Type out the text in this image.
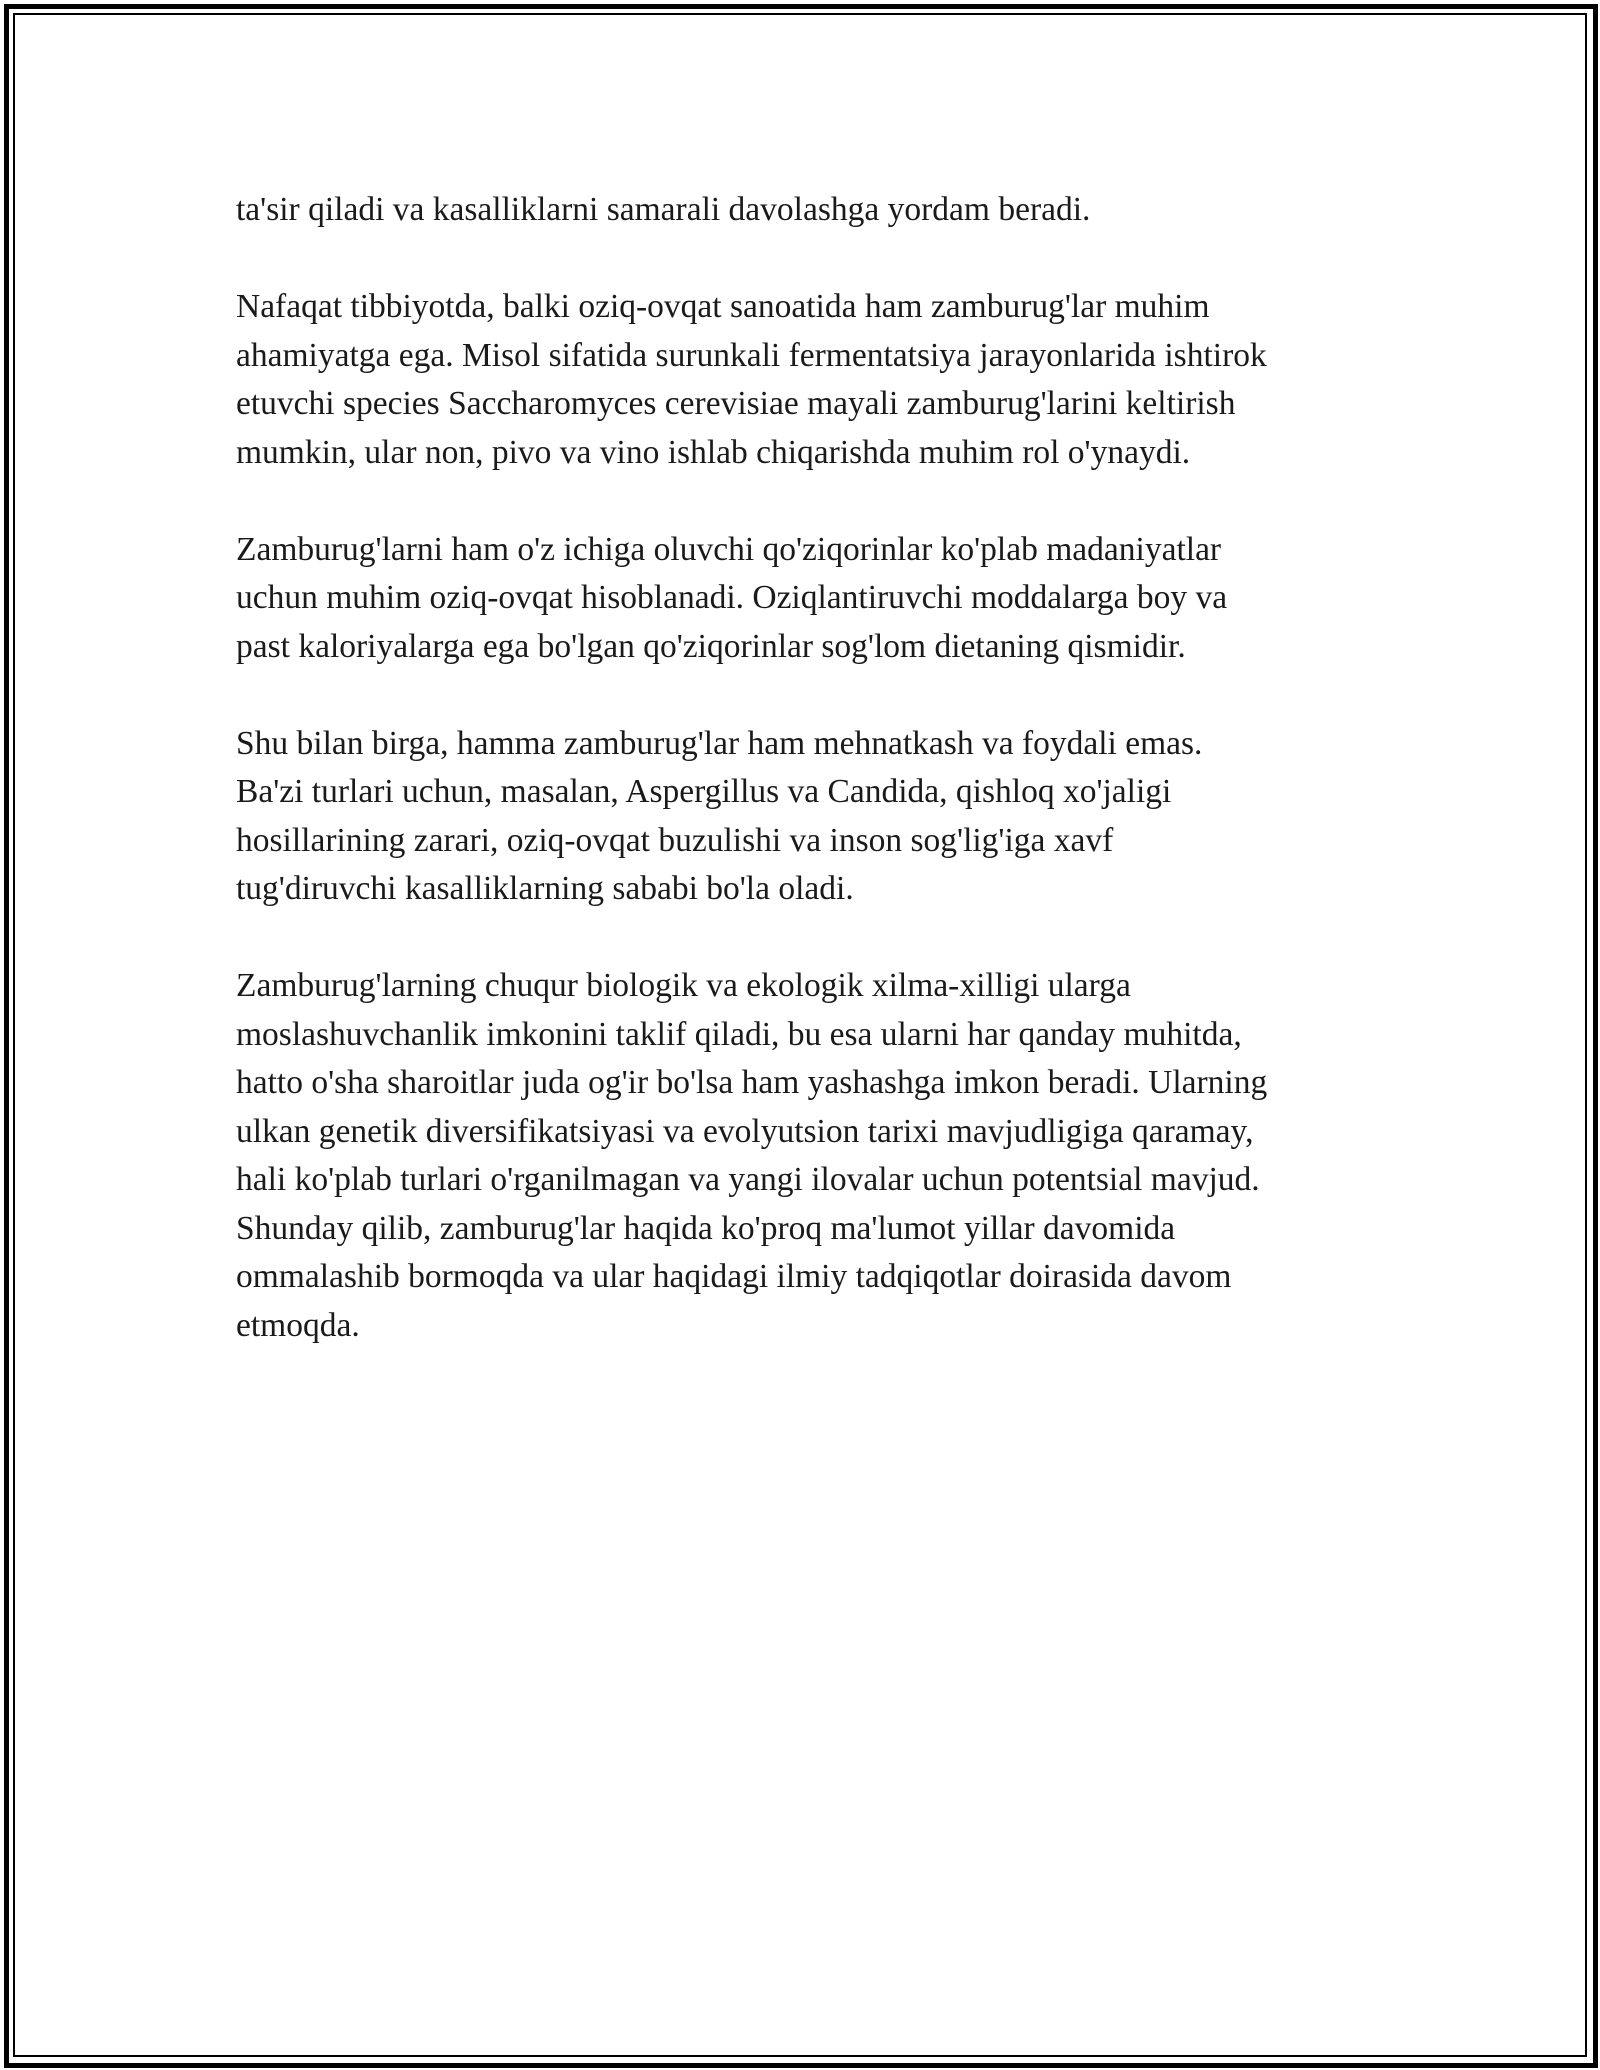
ta'sir qiladi va kasalliklarni samarali davolashga yordam beradi.

Nafaqat tibbiyotda, balki oziq-ovqat sanoatida ham zamburug'lar muhim
ahamiyatga ega. Misol sifatida surunkali fermentatsiya jarayonlarida ishtirok
etuvchi species Saccharomyces cerevisiae mayali zamburug'larini keltirish
mumkin, ular non, pivo va vino ishlab chiqarishda muhim rol o'ynaydi.

Zamburug'larni ham o'z ichiga oluvchi qo'ziqorinlar ko'plab madaniyatlar
uchun muhim oziq-ovqat hisoblanadi. Oziqlantiruvchi moddalarga boy va
past kaloriyalarga ega bo'lgan qo'ziqorinlar sog'lom dietaning qismidir.

Shu bilan birga, hamma zamburug'lar ham mehnatkash va foydali emas.
Ba'zi turlari uchun, masalan, Aspergillus va Candida, qishloq xo'jaligi
hosillarining zarari, oziq-ovqat buzulishi va inson sog'lig'iga xavf
tug'diruvchi kasalliklarning sababi bo'la oladi.

Zamburug'larning chuqur biologik va ekologik xilma-xilligi ularga
moslashuvchanlik imkonini taklif qiladi, bu esa ularni har qanday muhitda,
hatto o'sha sharoitlar juda og'ir bo'lsa ham yashashga imkon beradi. Ularning
ulkan genetik diversifikatsiyasi va evolyutsion tarixi mavjudligiga qaramay,
hali ko'plab turlari o'rganilmagan va yangi ilovalar uchun potentsial mavjud.
Shunday qilib, zamburug'lar haqida ko'proq ma'lumot yillar davomida
ommalashib bormoqda va ular haqidagi ilmiy tadqiqotlar doirasida davom
etmoqda.
